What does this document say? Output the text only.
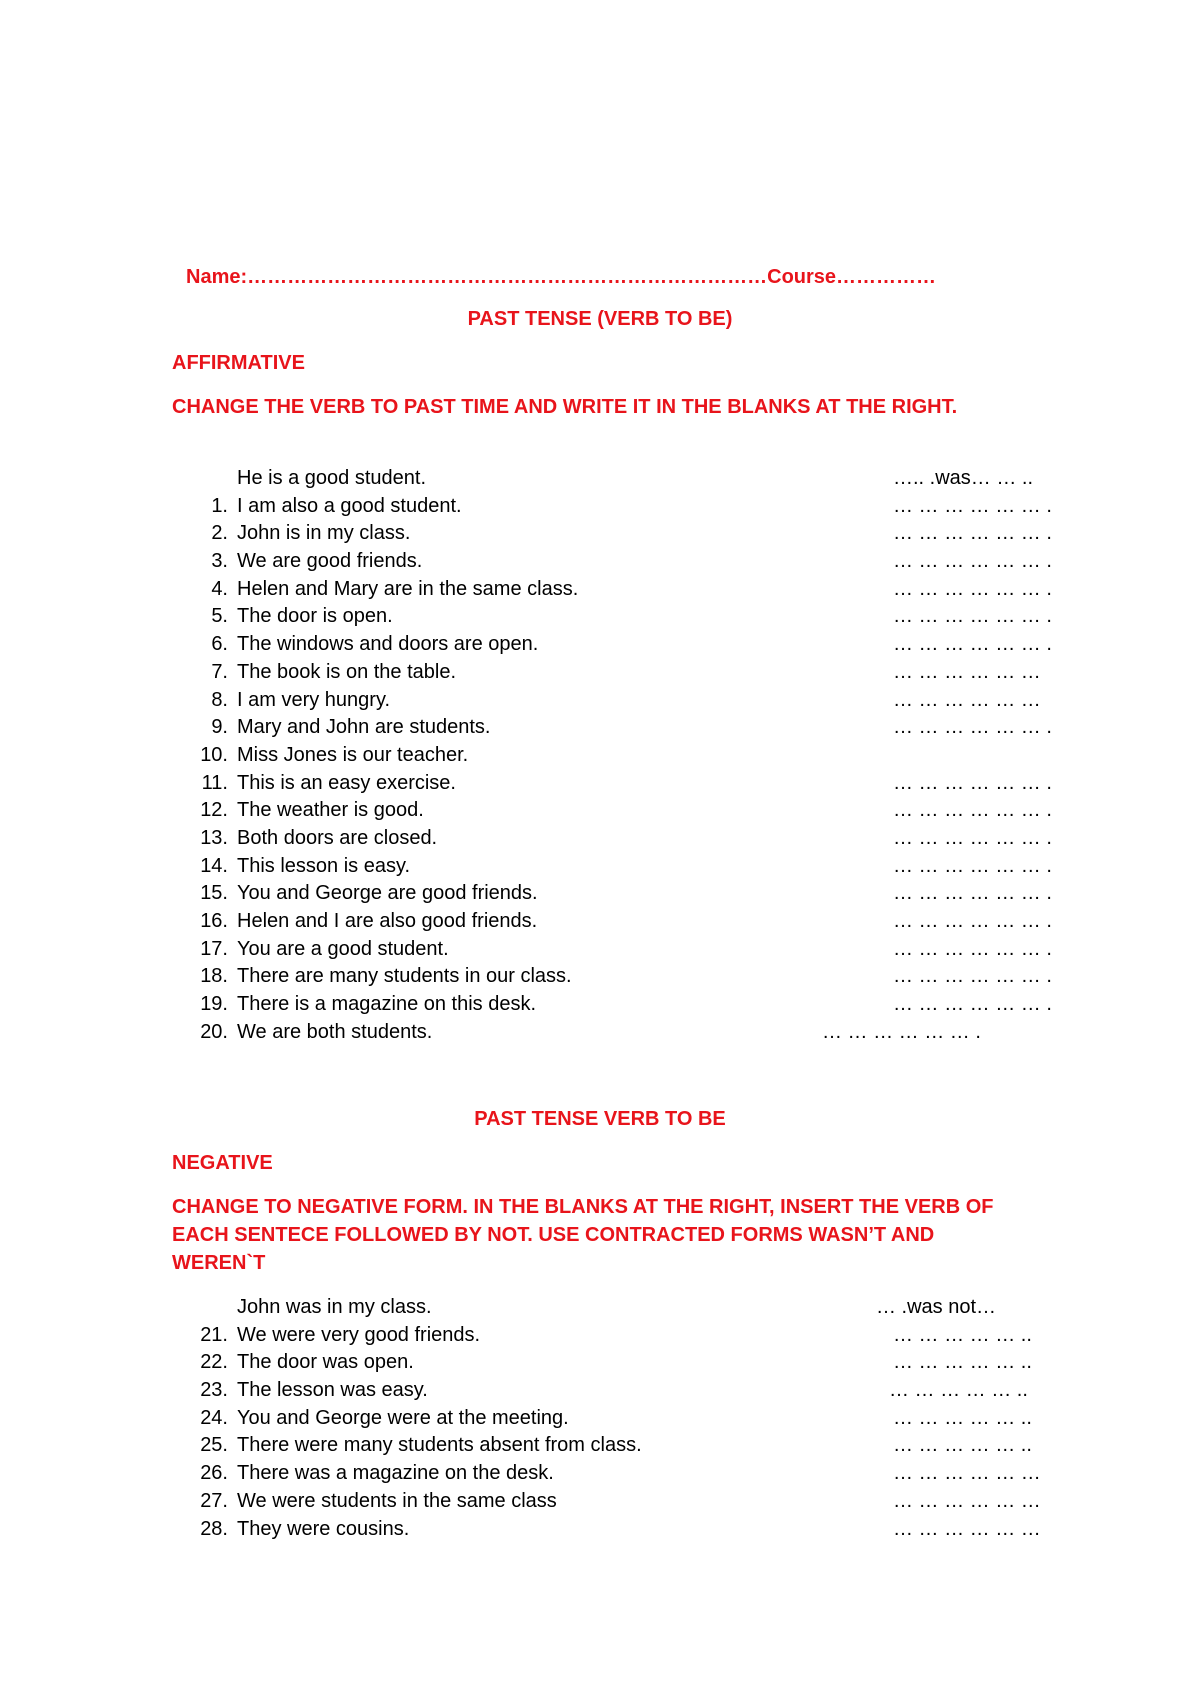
Name:……………………………………………………………………Course……………
PAST TENSE (VERB TO BE)
AFFIRMATIVE
CHANGE THE VERB TO PAST TIME AND WRITE IT IN THE BLANKS AT THE RIGHT.
He is a good student.	….. .was… … ..
1. I am also a good student.	… … … … … … .
2. John is in my class.	… … … … … … .
3. We are good friends.	… … … … … … .
4. Helen and Mary are in the same class.	… … … … … … .
5. The door is open.	… … … … … … .
6. The windows and doors are open.	… … … … … … .
7. The book is on the table.	… … … … … …
8. I am very hungry.	… … … … … …
9. Mary and John are students.	… … … … … … .
10. Miss Jones is our teacher.
11. This is an easy exercise.	… … … … … … .
12. The weather is good.	… … … … … … .
13. Both doors are closed.	… … … … … … .
14. This lesson is easy.	… … … … … … .
15. You and George are good friends.	… … … … … … .
16. Helen and I are also good friends.	… … … … … … .
17. You are a good student.	… … … … … … .
18. There are many students in our class.	… … … … … … .
19. There is a magazine on this desk.	… … … … … … .
20. We are both students.	… … … … … … .
PAST TENSE VERB TO BE
NEGATIVE
CHANGE TO NEGATIVE FORM. IN THE BLANKS AT THE RIGHT, INSERT THE VERB OF EACH SENTECE FOLLOWED BY NOT. USE CONTRACTED FORMS WASN’T AND WEREN`T
John was in my class.	… .was not…
21. We were very good friends.	… … … … … ..
22. The door was open.	… … … … … ..
23. The lesson was easy.	… … … … … ..
24. You and George were at the meeting.	… … … … … ..
25. There were many students absent from class.	… … … … … ..
26. There was a magazine on the desk.	… … … … … …
27. We were students in the same class	… … … … … …
28. They were cousins.	… … … … … …
